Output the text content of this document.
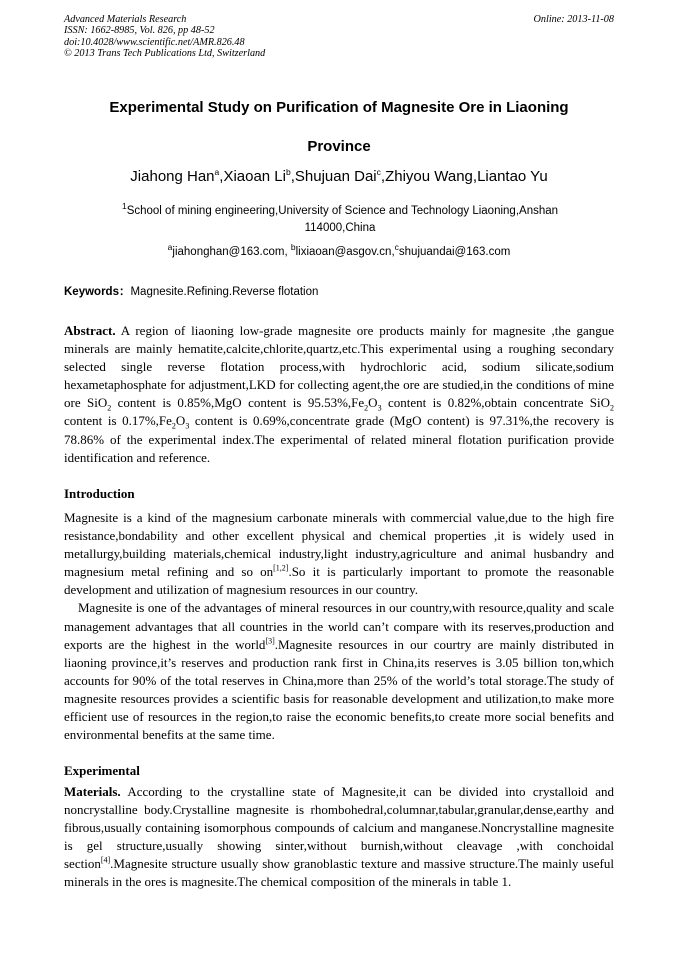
Advanced Materials Research
ISSN: 1662-8985, Vol. 826, pp 48-52
doi:10.4028/www.scientific.net/AMR.826.48
© 2013 Trans Tech Publications Ltd, Switzerland
Online: 2013-11-08
Experimental Study on Purification of Magnesite Ore in Liaoning
Province
Jiahong Han$^a$,Xiaoan Li$^b$,Shujuan Dai$^c$,Zhiyou Wang,Liantao Yu
$^1$School of mining engineering,University of Science and Technology Liaoning,Anshan
114000,China
$^a$jiahonghan@163.com, $^b$lixiaoan@asgov.cn,$^c$shujuandai@163.com
Keywords：Magnesite.Refining.Reverse flotation

Abstract. A region of liaoning low-grade magnesite ore products mainly for magnesite ,the gangue minerals are mainly hematite,calcite,chlorite,quartz,etc.This experimental using a roughing secondary selected single reverse flotation process,with hydrochloric acid, sodium silicate,sodium hexametaphosphate for adjustment,LKD for collecting agent,the ore are studied,in the conditions of mine ore SiO$_2$ content is 0.85%,MgO content is $95.53\%,Fe_2O_3$ content is 0.82%,obtain concentrate SiO$_2$ content is $0.17\%,Fe_2O_3$ content is 0.69%,concentrate grade (MgO content) is 97.31%,the recovery is 78.86% of the experimental index.The experimental of related mineral flotation purification provide identification and reference.

Introduction

Magnesite is a kind of the magnesium carbonate minerals with commercial value,due to the high fire resistance,bondability and other excellent physical and chemical properties ,it is widely used in metallurgy,building materials,chemical industry,light industry,agriculture and animal husbandry and magnesium metal refining and so on[1,2].So it is particularly important to promote the reasonable development and utilization of magnesium resources in our country.

Magnesite is one of the advantages of mineral resources in our country,with resource,quality and scale management advantages that all countries in the world can’t compare with its reserves,production and exports are the highest in the world[3].Magnesite resources in our courtry are mainly distributed in liaoning province,it’s reserves and production rank first in China,its reserves is 3.05 billion ton,which accounts for 90% of the total reserves in China,more than 25% of the world’s total storage.The study of magnesite resources provides a scientific basis for reasonable development and utilization,to make more efficient use of resources in the region,to raise the economic benefits,to create more social benefits and environmental benefits at the same time.

Experimental

Materials. According to the crystalline state of Magnesite,it can be divided into crystalloid and noncrystalline body.Crystalline magnesite is rhombohedral,columnar,tabular,granular,dense,earthy and fibrous,usually containing isomorphous compounds of calcium and manganese.Noncrystalline magnesite is gel structure,usually showing sinter,without burnish,without cleavage ,with conchoidal section[4].Magnesite structure usually show granoblastic texture and massive structure.The mainly useful minerals in the ores is magnesite.The chemical composition of the minerals in table 1.
